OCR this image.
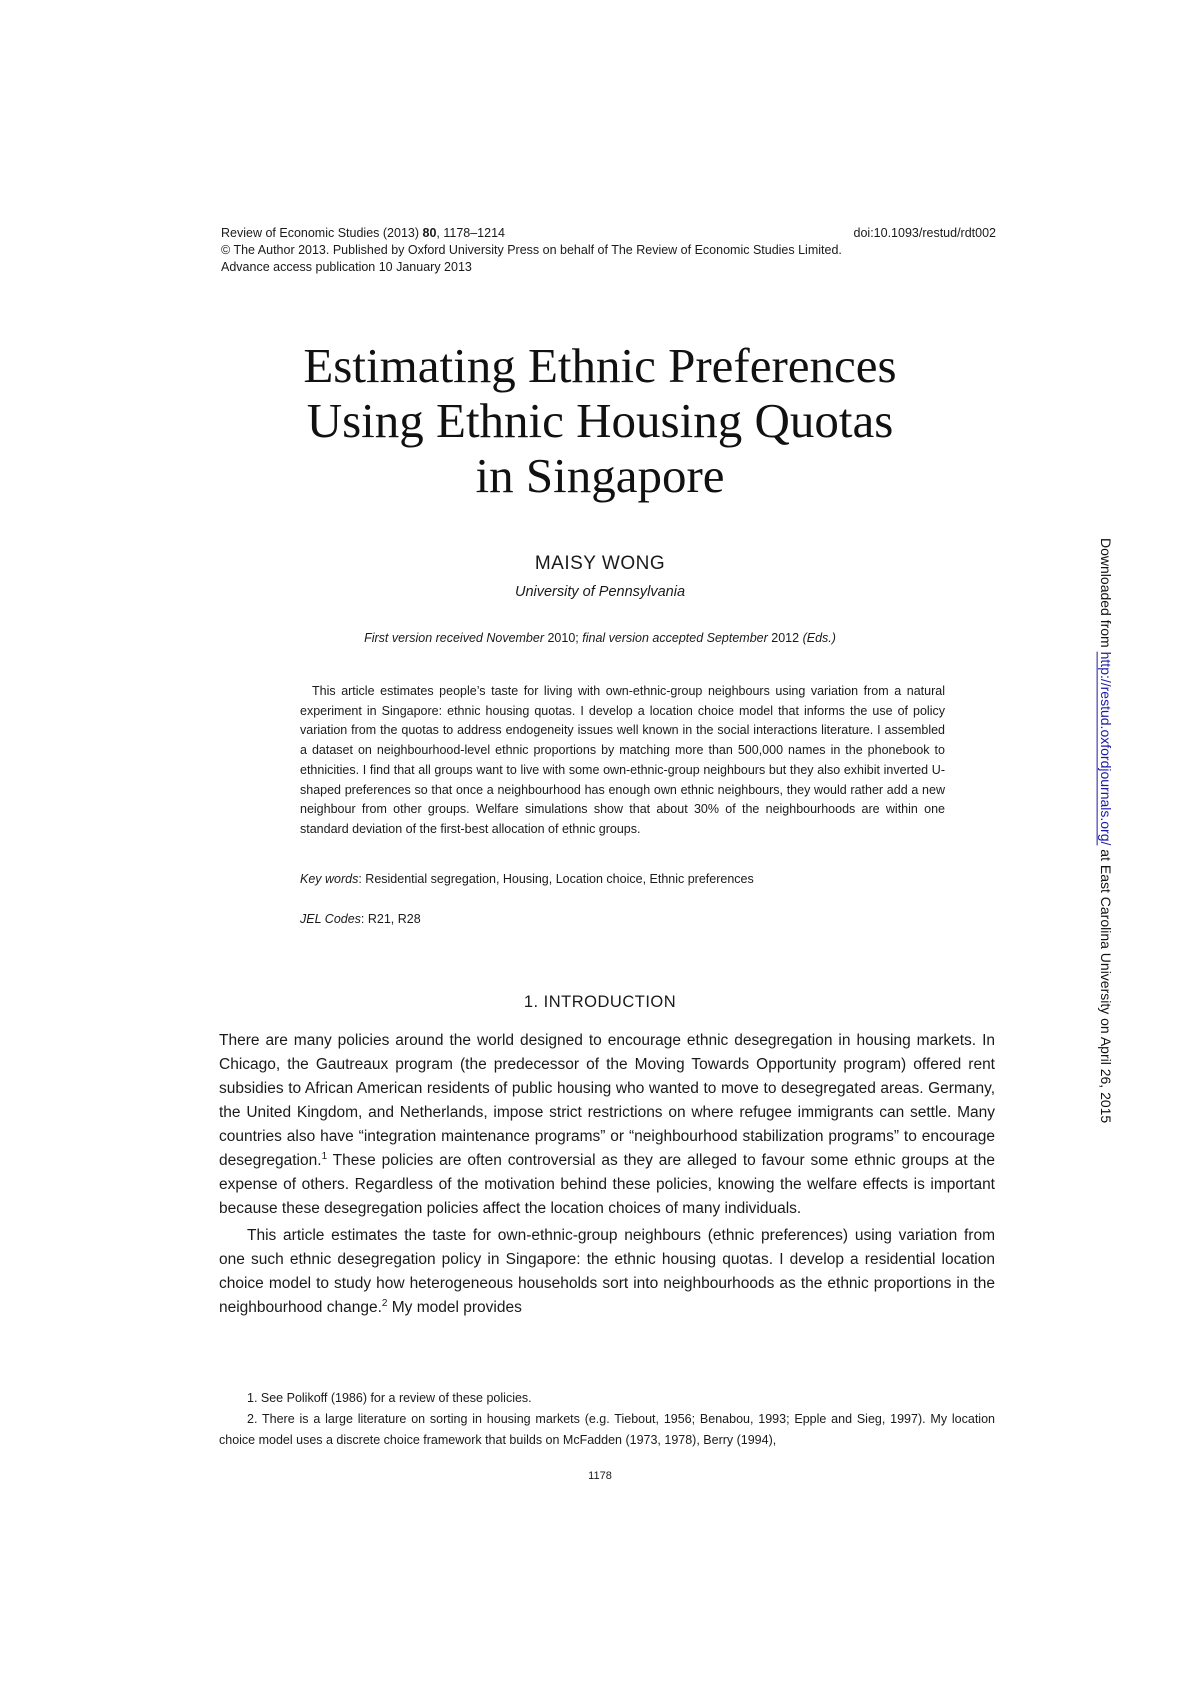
Review of Economic Studies (2013) 80, 1178–1214	doi:10.1093/restud/rdt002
© The Author 2013. Published by Oxford University Press on behalf of The Review of Economic Studies Limited.
Advance access publication 10 January 2013
Estimating Ethnic Preferences
Using Ethnic Housing Quotas
in Singapore
MAISY WONG
University of Pennsylvania
First version received November 2010; final version accepted September 2012 (Eds.)

This article estimates people’s taste for living with own-ethnic-group neighbours using variation from a natural experiment in Singapore: ethnic housing quotas. I develop a location choice model that informs the use of policy variation from the quotas to address endogeneity issues well known in the social interactions literature. I assembled a dataset on neighbourhood-level ethnic proportions by matching more than 500,000 names in the phonebook to ethnicities. I find that all groups want to live with some own-ethnic-group neighbours but they also exhibit inverted U-shaped preferences so that once a neighbourhood has enough own ethnic neighbours, they would rather add a new neighbour from other groups. Welfare simulations show that about 30% of the neighbourhoods are within one standard deviation of the first-best allocation of ethnic groups.

Key words: Residential segregation, Housing, Location choice, Ethnic preferences
JEL Codes: R21, R28
1. INTRODUCTION

There are many policies around the world designed to encourage ethnic desegregation in housing markets. In Chicago, the Gautreaux program (the predecessor of the Moving Towards Opportunity program) offered rent subsidies to African American residents of public housing who wanted to move to desegregated areas. Germany, the United Kingdom, and Netherlands, impose strict restrictions on where refugee immigrants can settle. Many countries also have “integration maintenance programs” or “neighbourhood stabilization programs” to encourage desegregation.$^1$ These policies are often controversial as they are alleged to favour some ethnic groups at the expense of others. Regardless of the motivation behind these policies, knowing the welfare effects is important because these desegregation policies affect the location choices of many individuals.

This article estimates the taste for own-ethnic-group neighbours (ethnic preferences) using variation from one such ethnic desegregation policy in Singapore: the ethnic housing quotas. I develop a residential location choice model to study how heterogeneous households sort into neighbourhoods as the ethnic proportions in the neighbourhood change.$^2$ My model provides

1. See Polikoff (1986) for a review of these policies.

2. There is a large literature on sorting in housing markets (e.g. Tiebout, 1956; Benabou, 1993; Epple and Sieg, 1997). My location choice model uses a discrete choice framework that builds on McFadden (1973, 1978), Berry (1994),

1178
Downloaded from http://restud.oxfordjournals.org/ at East Carolina University on April 26, 2015
